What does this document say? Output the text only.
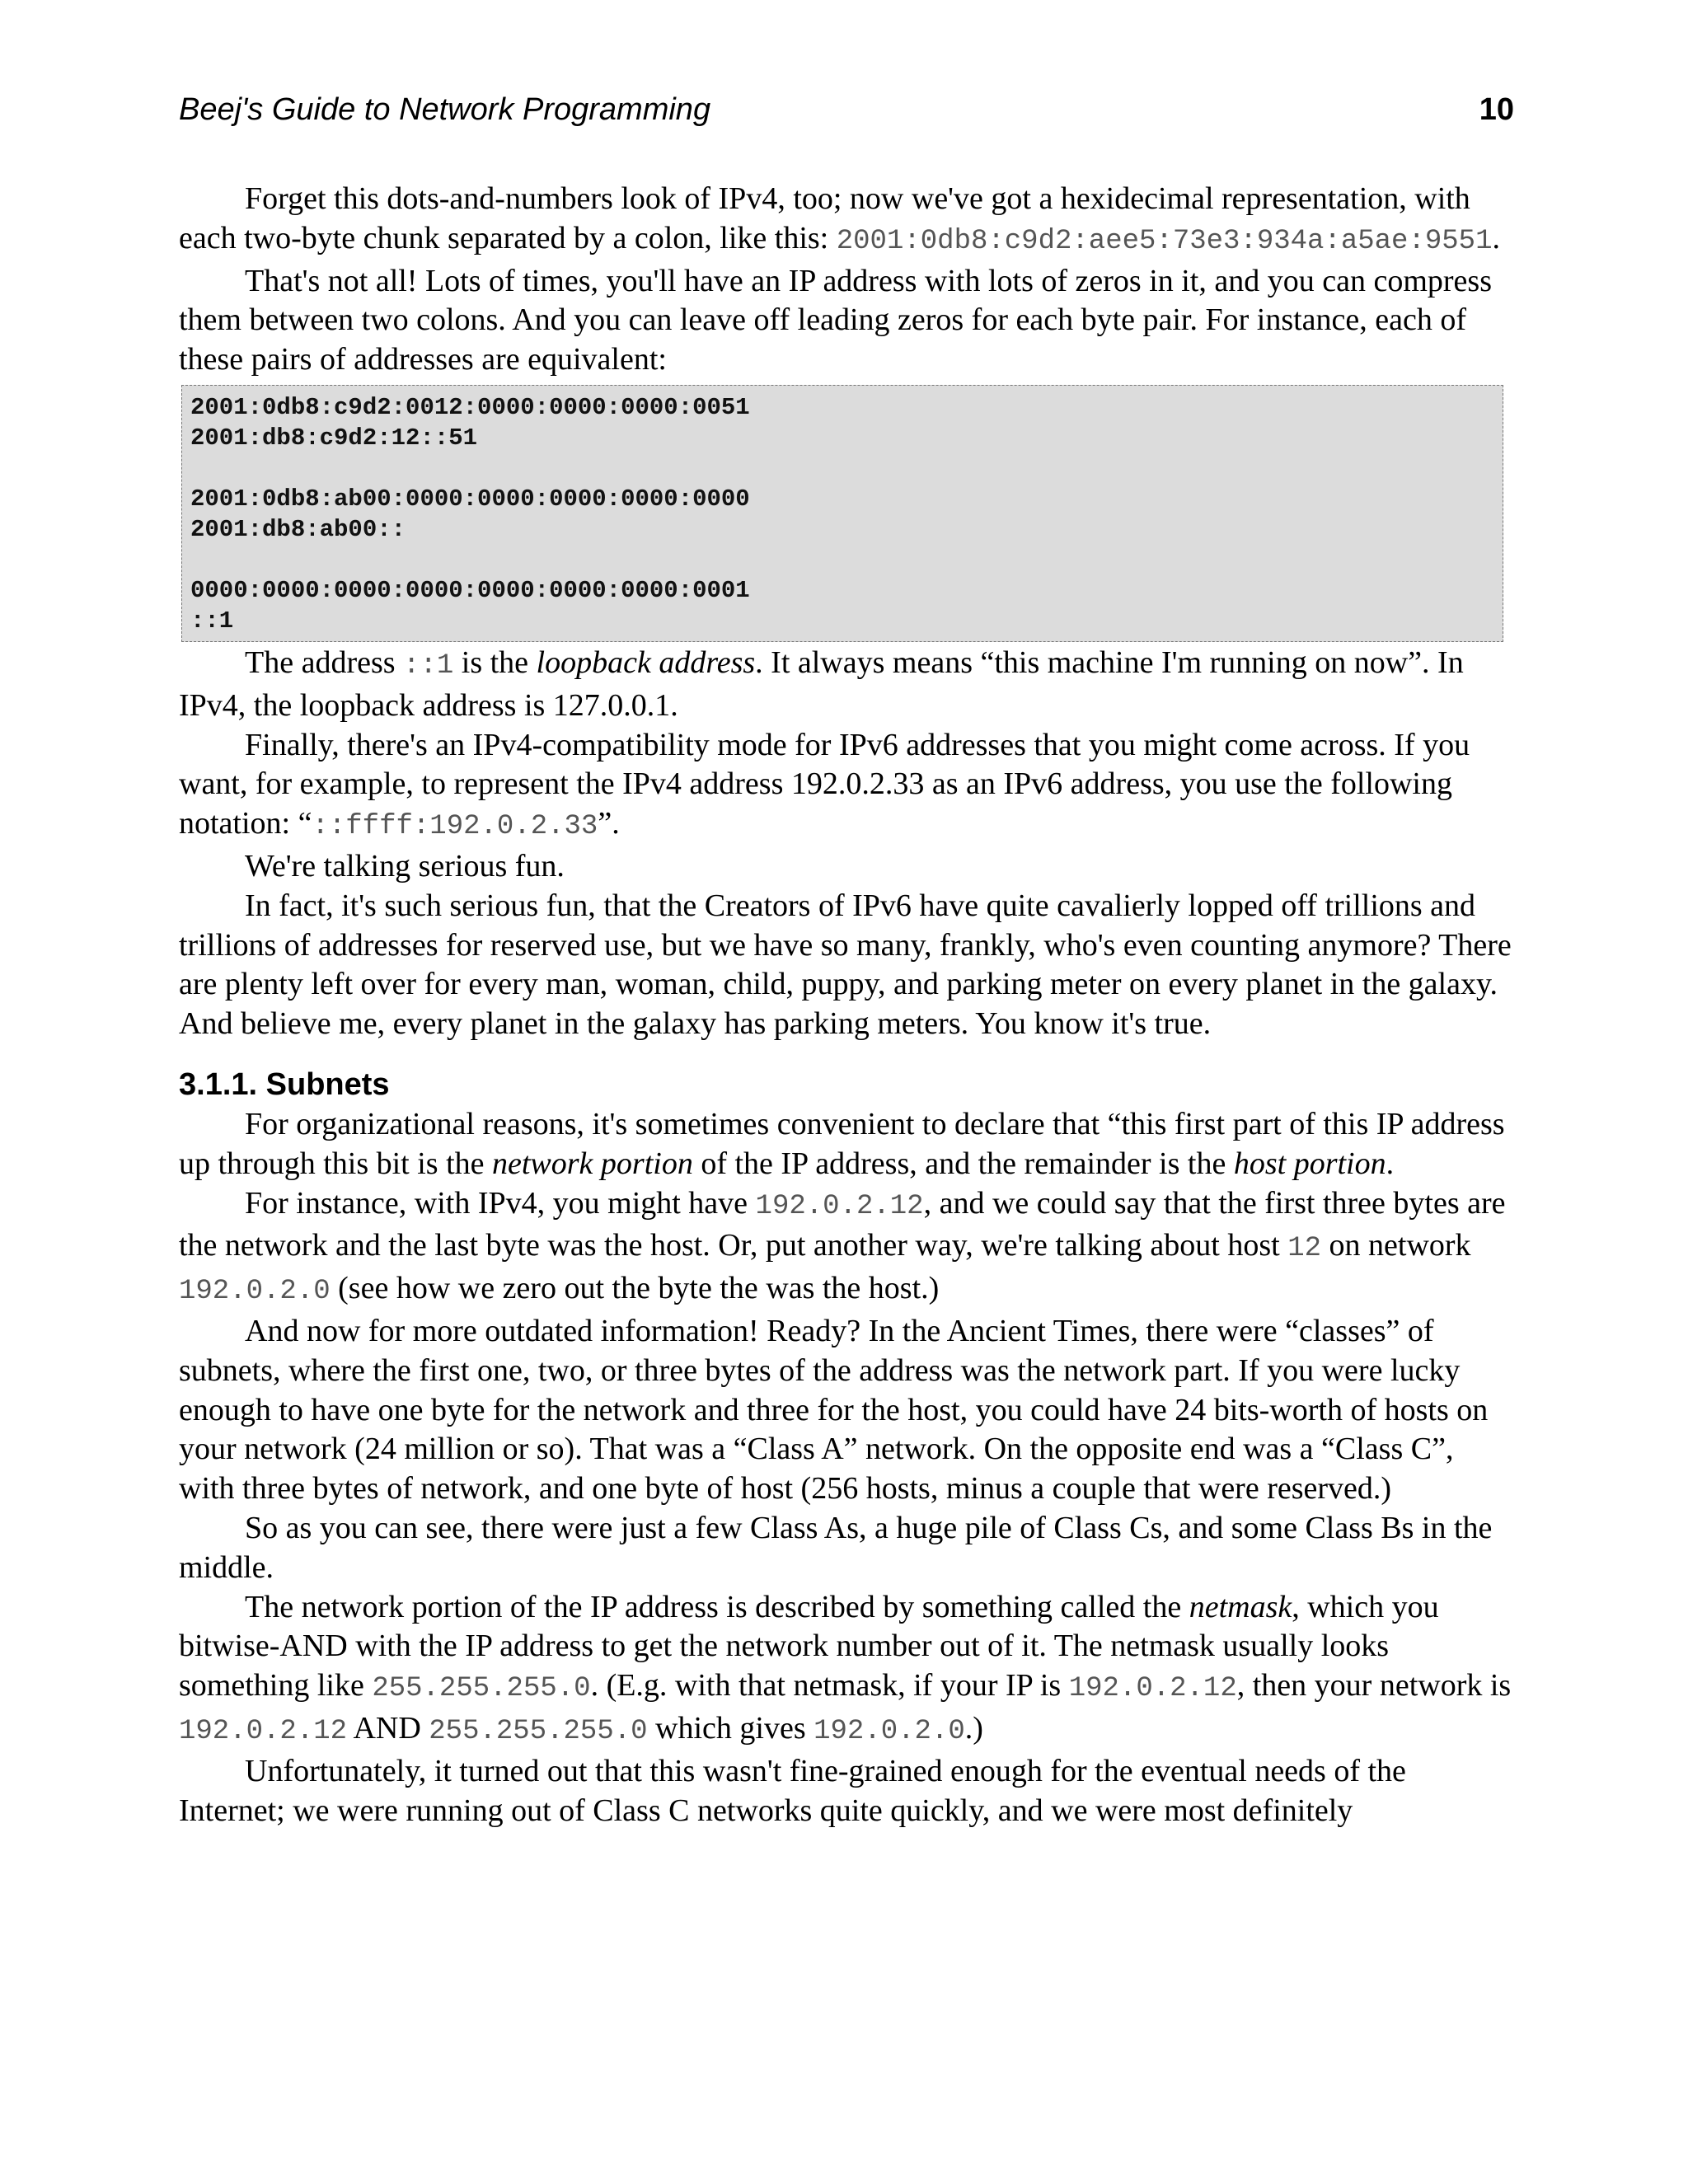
Beej's Guide to Network Programming	10

Forget this dots-and-numbers look of IPv4, too; now we've got a hexidecimal representation, with each two-byte chunk separated by a colon, like this: 2001:0db8:c9d2:aee5:73e3:934a:a5ae:9551.

That's not all! Lots of times, you'll have an IP address with lots of zeros in it, and you can compress them between two colons. And you can leave off leading zeros for each byte pair. For instance, each of these pairs of addresses are equivalent:

2001:0db8:c9d2:0012:0000:0000:0000:0051
2001:db8:c9d2:12::51
2001:0db8:ab00:0000:0000:0000:0000:0000
2001:db8:ab00::
0000:0000:0000:0000:0000:0000:0000:0001
::1

The address ::1 is the loopback address. It always means “this machine I'm running on now”. In IPv4, the loopback address is 127.0.0.1.

Finally, there's an IPv4-compatibility mode for IPv6 addresses that you might come across. If you want, for example, to represent the IPv4 address 192.0.2.33 as an IPv6 address, you use the following notation: “::ffff:192.0.2.33”.

We're talking serious fun.

In fact, it's such serious fun, that the Creators of IPv6 have quite cavalierly lopped off trillions and trillions of addresses for reserved use, but we have so many, frankly, who's even counting anymore? There are plenty left over for every man, woman, child, puppy, and parking meter on every planet in the galaxy. And believe me, every planet in the galaxy has parking meters. You know it's true.

3.1.1. Subnets

For organizational reasons, it's sometimes convenient to declare that “this first part of this IP address up through this bit is the network portion of the IP address, and the remainder is the host portion.

For instance, with IPv4, you might have 192.0.2.12, and we could say that the first three bytes are the network and the last byte was the host. Or, put another way, we're talking about host 12 on network 192.0.2.0 (see how we zero out the byte the was the host.)

And now for more outdated information! Ready? In the Ancient Times, there were “classes” of subnets, where the first one, two, or three bytes of the address was the network part. If you were lucky enough to have one byte for the network and three for the host, you could have 24 bits-worth of hosts on your network (24 million or so). That was a “Class A” network. On the opposite end was a “Class C”, with three bytes of network, and one byte of host (256 hosts, minus a couple that were reserved.)

So as you can see, there were just a few Class As, a huge pile of Class Cs, and some Class Bs in the middle.

The network portion of the IP address is described by something called the netmask, which you bitwise-AND with the IP address to get the network number out of it. The netmask usually looks something like 255.255.255.0. (E.g. with that netmask, if your IP is 192.0.2.12, then your network is 192.0.2.12 AND 255.255.255.0 which gives 192.0.2.0.)

Unfortunately, it turned out that this wasn't fine-grained enough for the eventual needs of the Internet; we were running out of Class C networks quite quickly, and we were most definitely
